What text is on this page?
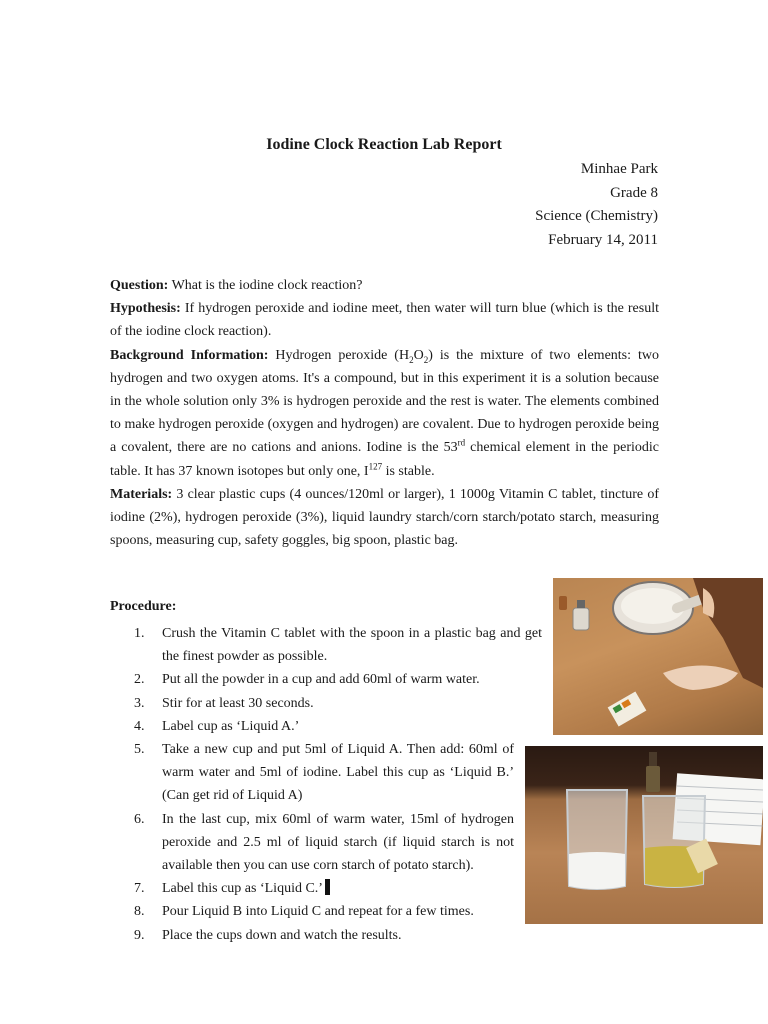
Iodine Clock Reaction Lab Report
Minhae Park
Grade 8
Science (Chemistry)
February 14, 2011

Question: What is the iodine clock reaction?

Hypothesis: If hydrogen peroxide and iodine meet, then water will turn blue (which is the result of the iodine clock reaction).

Background Information: Hydrogen peroxide $(H_2O_2)$ is the mixture of two elements: two hydrogen and two oxygen atoms. It's a compound, but in this experiment it is a solution because in the whole solution only 3% is hydrogen peroxide and the rest is water. The elements combined to make hydrogen peroxide (oxygen and hydrogen) are covalent. Due to hydrogen peroxide being a covalent, there are no cations and anions. Iodine is the 53rd chemical element in the periodic table. It has 37 known isotopes but only one, $I^{127}$ is stable.

Materials: 3 clear plastic cups (4 ounces/120ml or larger), 1 1000g Vitamin C tablet, tincture of iodine (2%), hydrogen peroxide (3%), liquid laundry starch/corn starch/potato starch, measuring spoons, measuring cup, safety goggles, big spoon, plastic bag.

Procedure:
1. Crush the Vitamin C tablet with the spoon in a plastic bag and get the finest powder as possible.
2. Put all the powder in a cup and add 60ml of warm water.
3. Stir for at least 30 seconds.
4. Label cup as ‘Liquid A.’
5. Take a new cup and put 5ml of Liquid A. Then add: 60ml of warm water and 5ml of iodine. Label this cup as ‘Liquid B.’ (Can get rid of Liquid A)
6. In the last cup, mix 60ml of warm water, 15ml of hydrogen peroxide and 2.5 ml of liquid starch (if liquid starch is not available then you can use corn starch of potato starch).
7. Label this cup as ‘Liquid C.’
8. Pour Liquid B into Liquid C and repeat for a few times.
9. Place the cups down and watch the results.
